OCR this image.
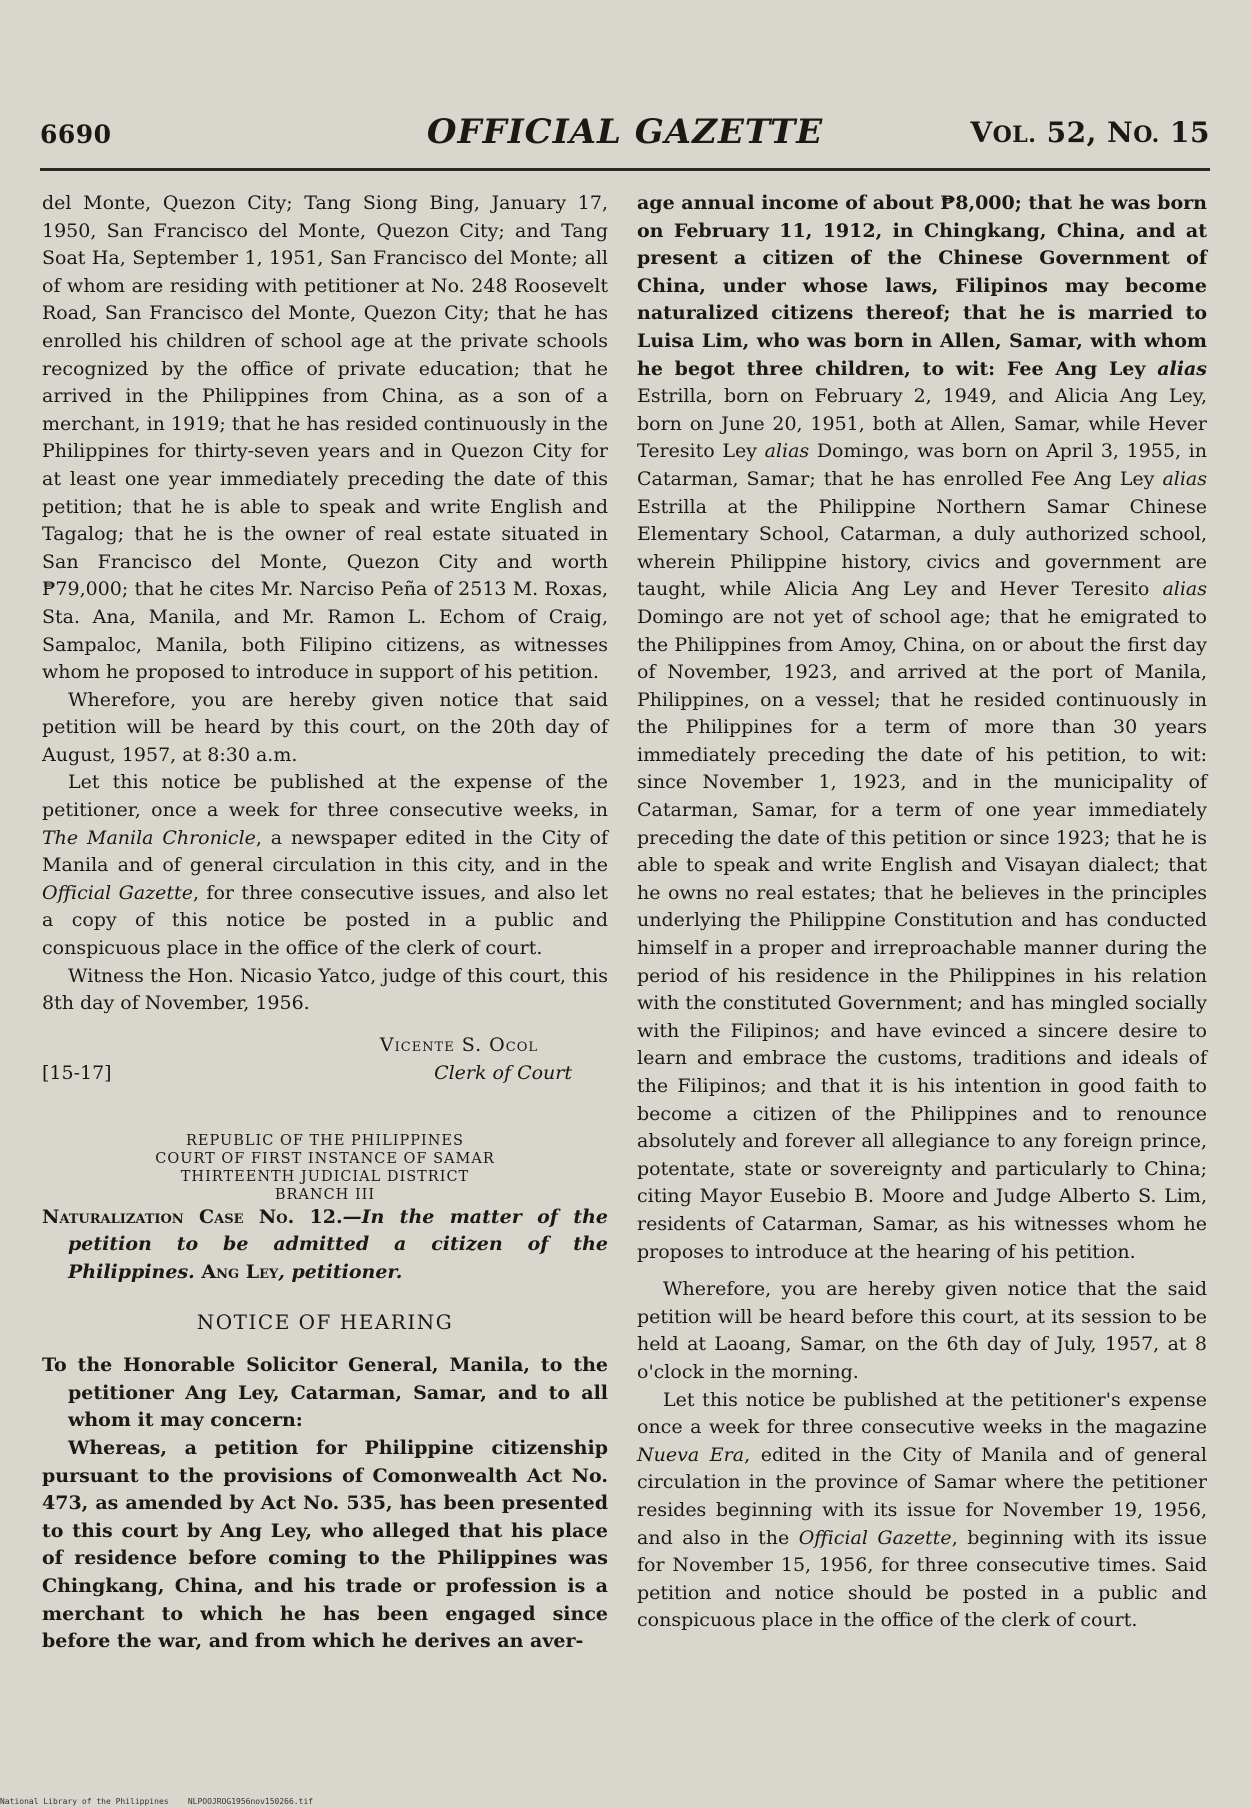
6690	OFFICIAL GAZETTE	VOL. 52, NO. 15

del Monte, Quezon City; Tang Siong Bing, January 17, 1950, San Francisco del Monte, Quezon City; and Tang Soat Ha, September 1, 1951, San Francisco del Monte; all of whom are residing with petitioner at No. 248 Roosevelt Road, San Francisco del Monte, Quezon City; that he has enrolled his children of school age at the private schools recognized by the office of private education; that he arrived in the Philippines from China, as a son of a merchant, in 1919; that he has resided continuously in the Philippines for thirty-seven years and in Quezon City for at least one year immediately preceding the date of this petition; that he is able to speak and write English and Tagalog; that he is the owner of real estate situated in San Francisco del Monte, Quezon City and worth ₱79,000; that he cites Mr. Narciso Peña of 2513 M. Roxas, Sta. Ana, Manila, and Mr. Ramon L. Echom of Craig, Sampaloc, Manila, both Filipino citizens, as witnesses whom he proposed to introduce in support of his petition.

Wherefore, you are hereby given notice that said petition will be heard by this court, on the 20th day of August, 1957, at 8:30 a.m.

Let this notice be published at the expense of the petitioner, once a week for three consecutive weeks, in The Manila Chronicle, a newspaper edited in the City of Manila and of general circulation in this city, and in the Official Gazette, for three consecutive issues, and also let a copy of this notice be posted in a public and conspicuous place in the office of the clerk of court.

Witness the Hon. Nicasio Yatco, judge of this court, this 8th day of November, 1956.

Vicente S. Ocol
Clerk of Court
[15-17]
REPUBLIC OF THE PHILIPPINES
COURT OF FIRST INSTANCE OF SAMAR
THIRTEENTH JUDICIAL DISTRICT
BRANCH III

Naturalization Case No. 12.—In the matter of the petition to be admitted a citizen of the Philippines. Ang Ley, petitioner.

NOTICE OF HEARING

To the Honorable Solicitor General, Manila, to the petitioner Ang Ley, Catarman, Samar, and to all whom it may concern:

Whereas, a petition for Philippine citizenship pursuant to the provisions of Comonwealth Act No. 473, as amended by Act No. 535, has been presented to this court by Ang Ley, who alleged that his place of residence before coming to the Philippines was Chingkang, China, and his trade or profession is a merchant to which he has been engaged since before the war, and from which he derives an aver-

age annual income of about ₱8,000; that he was born on February 11, 1912, in Chingkang, China, and at present a citizen of the Chinese Government of China, under whose laws, Filipinos may become naturalized citizens thereof; that he is married to Luisa Lim, who was born in Allen, Samar, with whom he begot three children, to wit: Fee Ang Ley alias Estrilla, born on February 2, 1949, and Alicia Ang Ley, born on June 20, 1951, both at Allen, Samar, while Hever Teresito Ley alias Domingo, was born on April 3, 1955, in Catarman, Samar; that he has enrolled Fee Ang Ley alias Estrilla at the Philippine Northern Samar Chinese Elementary School, Catarman, a duly authorized school, wherein Philippine history, civics and government are taught, while Alicia Ang Ley and Hever Teresito alias Domingo are not yet of school age; that he emigrated to the Philippines from Amoy, China, on or about the first day of November, 1923, and arrived at the port of Manila, Philippines, on a vessel; that he resided continuously in the Philippines for a term of more than 30 years immediately preceding the date of his petition, to wit: since November 1, 1923, and in the municipality of Catarman, Samar, for a term of one year immediately preceding the date of this petition or since 1923; that he is able to speak and write English and Visayan dialect; that he owns no real estates; that he believes in the principles underlying the Philippine Constitution and has conducted himself in a proper and irreproachable manner during the period of his residence in the Philippines in his relation with the constituted Government; and has mingled socially with the Filipinos; and have evinced a sincere desire to learn and embrace the customs, traditions and ideals of the Filipinos; and that it is his intention in good faith to become a citizen of the Philippines and to renounce absolutely and forever all allegiance to any foreign prince, potentate, state or sovereignty and particularly to China; citing Mayor Eusebio B. Moore and Judge Alberto S. Lim, residents of Catarman, Samar, as his witnesses whom he proposes to introduce at the hearing of his petition.

Wherefore, you are hereby given notice that the said petition will be heard before this court, at its session to be held at Laoang, Samar, on the 6th day of July, 1957, at 8 o'clock in the morning.

Let this notice be published at the petitioner's expense once a week for three consecutive weeks in the magazine Nueva Era, edited in the City of Manila and of general circulation in the province of Samar where the petitioner resides beginning with its issue for November 19, 1956, and also in the Official Gazette, beginning with its issue for November 15, 1956, for three consecutive times. Said petition and notice should be posted in a public and conspicuous place in the office of the clerk of court.

National Library of the Philippines NLPOOJROG1956nov150266.tif
